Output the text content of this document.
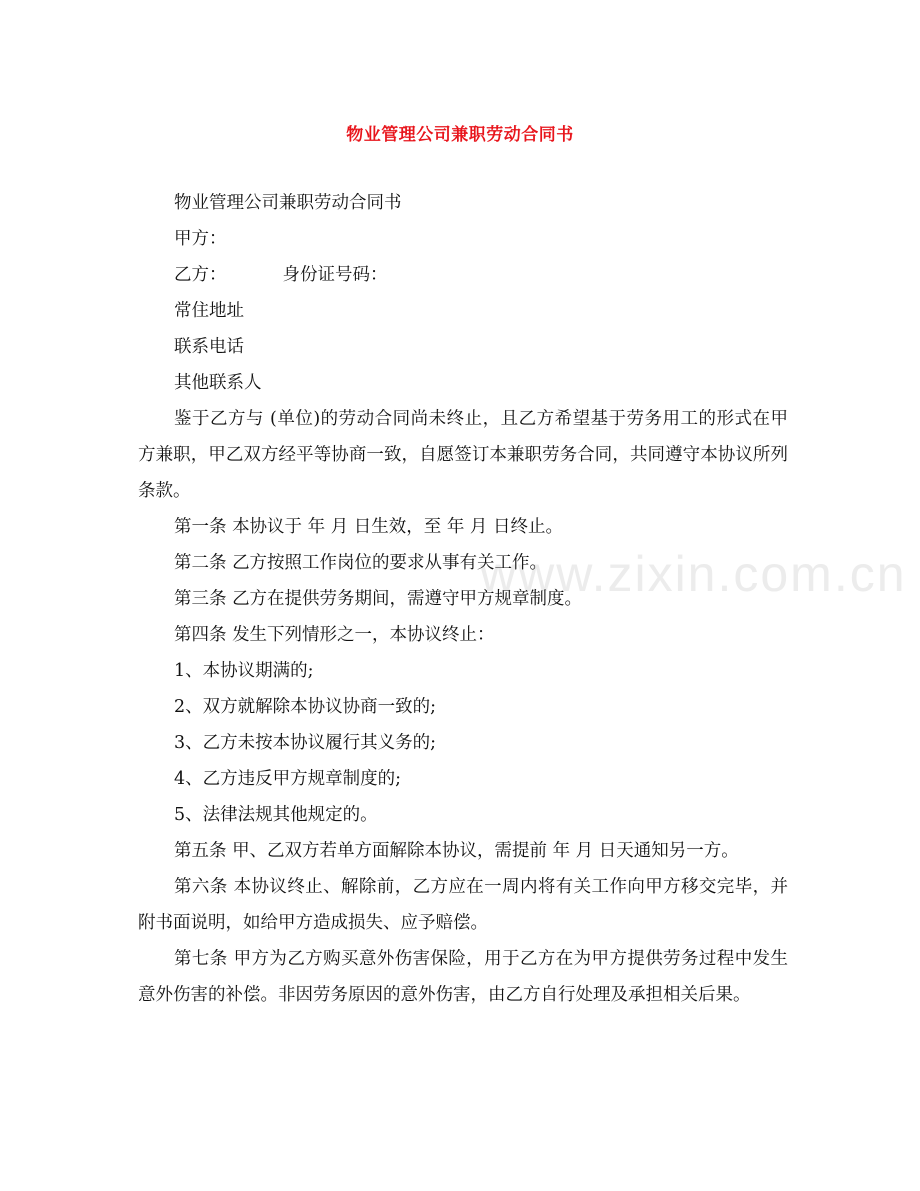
www.zixin.com.cn
物业管理公司兼职劳动合同书

物业管理公司兼职劳动合同书

甲方：

乙方：	身份证号码：

常住地址

联系电话

其他联系人

鉴于乙方与 (单位)的劳动合同尚未终止，且乙方希望基于劳务用工的形式在甲方兼职，甲乙双方经平等协商一致，自愿签订本兼职劳务合同，共同遵守本协议所列条款。

第一条 本协议于 年 月 日生效，至 年 月 日终止。

第二条 乙方按照工作岗位的要求从事有关工作。

第三条 乙方在提供劳务期间，需遵守甲方规章制度。

第四条 发生下列情形之一，本协议终止：

1、本协议期满的;

2、双方就解除本协议协商一致的;

3、乙方未按本协议履行其义务的;

4、乙方违反甲方规章制度的;

5、法律法规其他规定的。

第五条 甲、乙双方若单方面解除本协议，需提前 年 月 日天通知另一方。

第六条 本协议终止、解除前，乙方应在一周内将有关工作向甲方移交完毕，并附书面说明，如给甲方造成损失、应予赔偿。

第七条 甲方为乙方购买意外伤害保险，用于乙方在为甲方提供劳务过程中发生意外伤害的补偿。非因劳务原因的意外伤害，由乙方自行处理及承担相关后果。
